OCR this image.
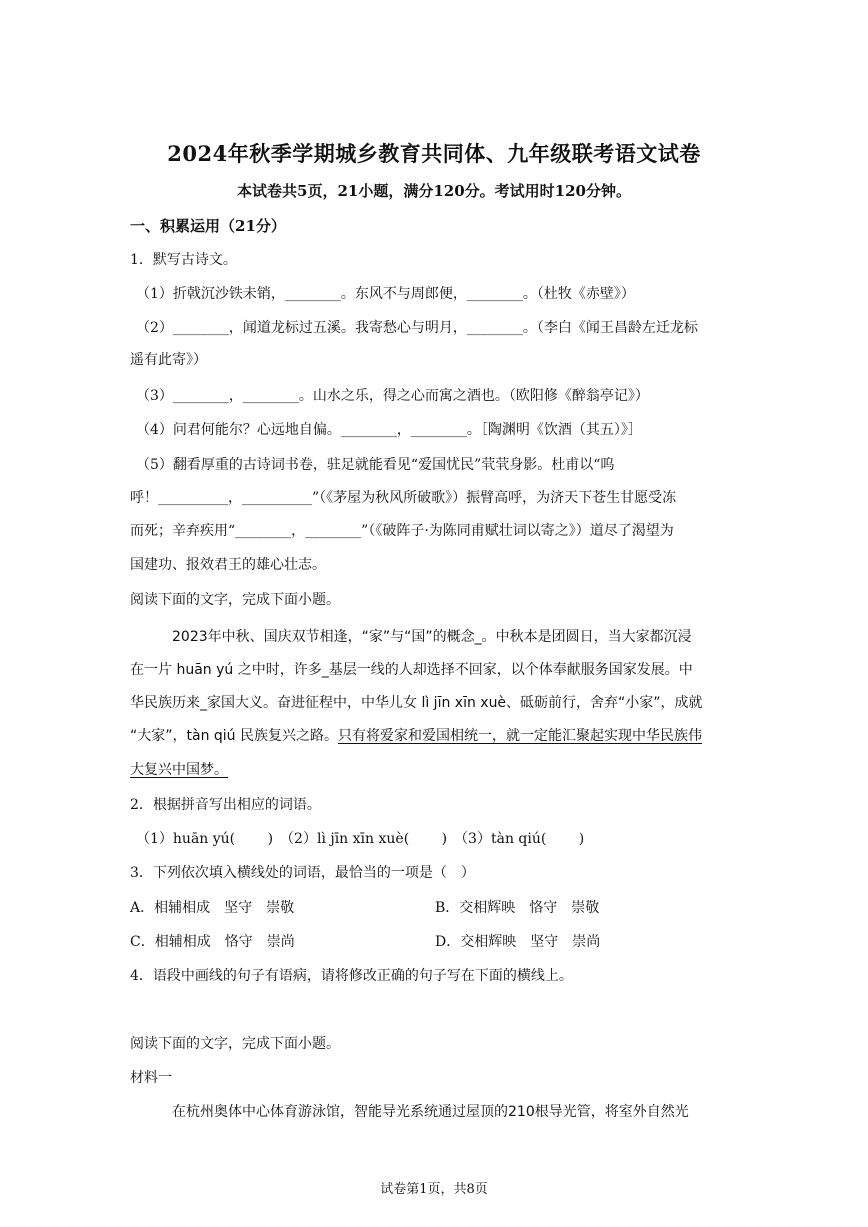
2024年秋季学期城乡教育共同体、九年级联考语文试卷
本试卷共5页，21小题，满分120分。考试用时120分钟。
一、积累运用（21分）
1．默写古诗文。
（1）折戟沉沙铁未销，________。东风不与周郎便，________。（杜牧《赤壁》）
（2）________，闻道龙标过五溪。我寄愁心与明月，________。（李白《闻王昌龄左迁龙标
遥有此寄》）
（3）________，________。山水之乐，得之心而寓之酒也。（欧阳修《醉翁亭记》）
（4）问君何能尔？心远地自偏。________，________。［陶渊明《饮酒（其五）》］
（5）翻看厚重的古诗词书卷，驻足就能看见“爱国忧民”茕茕身影。杜甫以“呜
呼！__________，__________”（《茅屋为秋风所破歌》）振臂高呼，为济天下苍生甘愿受冻
而死；辛弃疾用“________，________”（《破阵子·为陈同甫赋壮词以寄之》）道尽了渴望为
国建功、报效君王的雄心壮志。
阅读下面的文字，完成下面小题。
2023年中秋、国庆双节相逢，“家”与“国”的概念_。中秋本是团圆日，当大家都沉浸
在一片 huān yú 之中时，许多_基层一线的人却选择不回家，以个体奉献服务国家发展。中
华民族历来_家国大义。奋进征程中，中华儿女 lì jīn xīn xuè、砥砺前行，舍弃“小家”，成就
“大家”，tàn qiú 民族复兴之路。只有将爱家和爱国相统一，就一定能汇聚起实现中华民族伟
大复兴中国梦。
2．根据拼音写出相应的词语。
（1）huān yú(　　 )　（2）lì jīn xīn xuè(　　 )　（3）tàn qiú(　　 )
3．下列依次填入横线处的词语，最恰当的一项是（　）
A．相辅相成　坚守　崇敬	B．交相辉映　恪守　崇敬
C．相辅相成　恪守　崇尚	D．交相辉映　坚守　崇尚
4．语段中画线的句子有语病，请将修改正确的句子写在下面的横线上。
阅读下面的文字，完成下面小题。
材料一
在杭州奥体中心体育游泳馆，智能导光系统通过屋顶的210根导光管，将室外自然光
试卷第1页，共8页
